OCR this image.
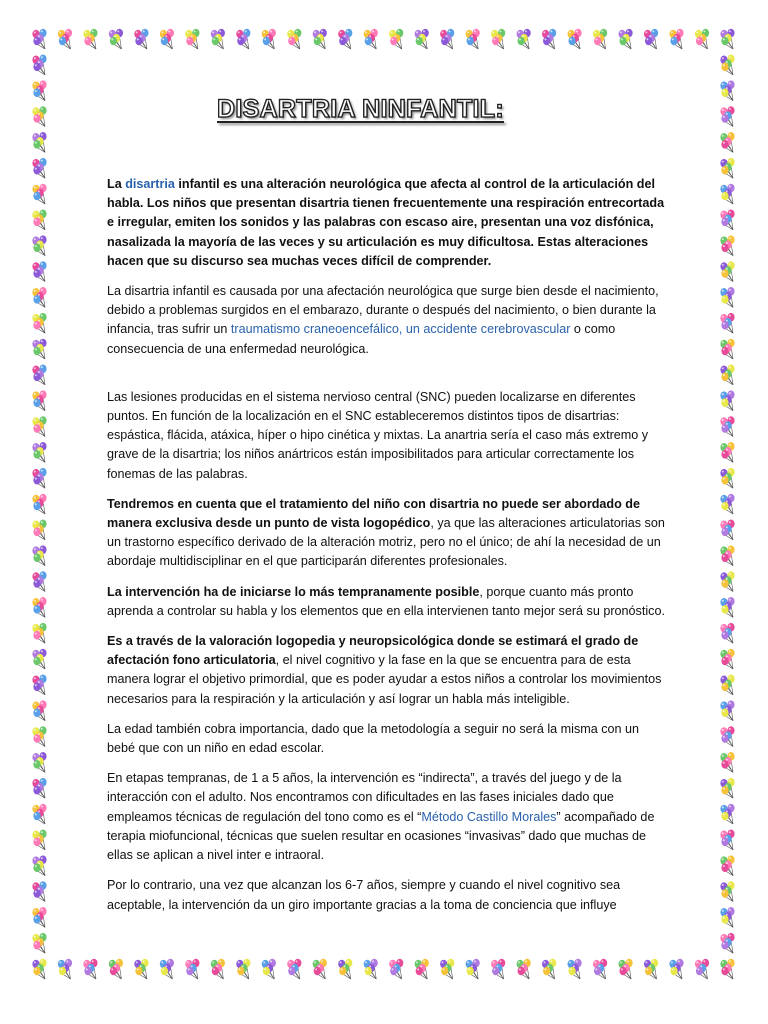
DISARTRIA NINFANTIL:

La disartria infantil es una alteración neurológica que afecta al control de la articulación del habla. Los niños que presentan disartria tienen frecuentemente una respiración entrecortada e irregular, emiten los sonidos y las palabras con escaso aire, presentan una voz disfónica, nasalizada la mayoría de las veces y su articulación es muy dificultosa. Estas alteraciones hacen que su discurso sea muchas veces difícil de comprender.

La disartria infantil es causada por una afectación neurológica que surge bien desde el nacimiento, debido a problemas surgidos en el embarazo, durante o después del nacimiento, o bien durante la infancia, tras sufrir un traumatismo craneoencefálico, un accidente cerebrovascular o como consecuencia de una enfermedad neurológica.

Las lesiones producidas en el sistema nervioso central (SNC) pueden localizarse en diferentes puntos. En función de la localización en el SNC estableceremos distintos tipos de disartrias: espástica, flácida, atáxica, híper o hipo cinética y mixtas. La anartria sería el caso más extremo y grave de la disartria; los niños anártricos están imposibilitados para articular correctamente los fonemas de las palabras.

Tendremos en cuenta que el tratamiento del niño con disartria no puede ser abordado de manera exclusiva desde un punto de vista logopédico, ya que las alteraciones articulatorias son un trastorno específico derivado de la alteración motriz, pero no el único; de ahí la necesidad de un abordaje multidisciplinar en el que participarán diferentes profesionales.

La intervención ha de iniciarse lo más tempranamente posible, porque cuanto más pronto aprenda a controlar su habla y los elementos que en ella intervienen tanto mejor será su pronóstico.

Es a través de la valoración logopedia y neuropsicológica donde se estimará el grado de afectación fono articulatoria, el nivel cognitivo y la fase en la que se encuentra para de esta manera lograr el objetivo primordial, que es poder ayudar a estos niños a controlar los movimientos necesarios para la respiración y la articulación y así lograr un habla más inteligible.

La edad también cobra importancia, dado que la metodología a seguir no será la misma con un bebé que con un niño en edad escolar.

En etapas tempranas, de 1 a 5 años, la intervención es “indirecta”, a través del juego y de la interacción con el adulto. Nos encontramos con dificultades en las fases iniciales dado que empleamos técnicas de regulación del tono como es el “Método Castillo Morales” acompañado de terapia miofuncional, técnicas que suelen resultar en ocasiones “invasivas” dado que muchas de ellas se aplican a nivel inter e intraoral.

Por lo contrario, una vez que alcanzan los 6-7 años, siempre y cuando el nivel cognitivo sea aceptable, la intervención da un giro importante gracias a la toma de conciencia que influye
